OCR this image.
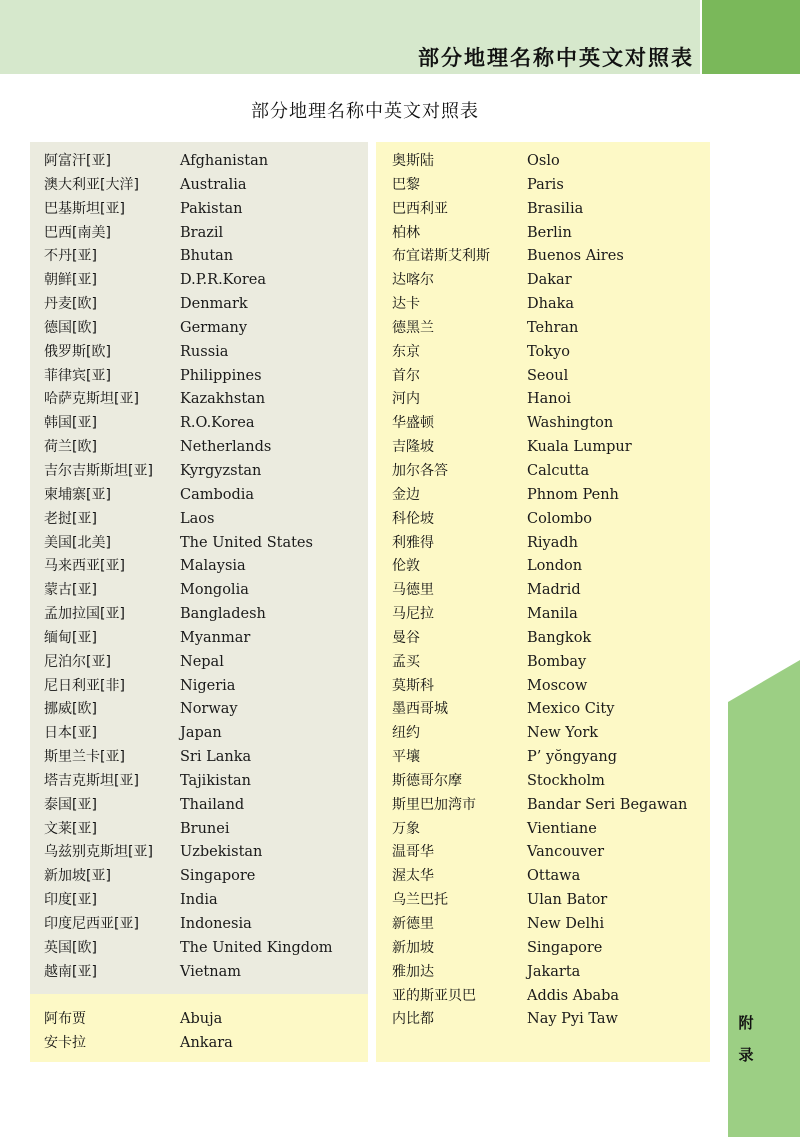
部分地理名称中英文对照表
部分地理名称中英文对照表
阿富汗[亚]	Afghanistan
澳大利亚[大洋]	Australia
巴基斯坦[亚]	Pakistan
巴西[南美]	Brazil
不丹[亚]	Bhutan
朝鲜[亚]	D.P.R.Korea
丹麦[欧]	Denmark
德国[欧]	Germany
俄罗斯[欧]	Russia
菲律宾[亚]	Philippines
哈萨克斯坦[亚]	Kazakhstan
韩国[亚]	R.O.Korea
荷兰[欧]	Netherlands
吉尔吉斯斯坦[亚] Kyrgyzstan
柬埔寨[亚]	Cambodia
老挝[亚]	Laos
美国[北美]	The United States
马来西亚[亚]	Malaysia
蒙古[亚]	Mongolia
孟加拉国[亚]	Bangladesh
缅甸[亚]	Myanmar
尼泊尔[亚]	Nepal
尼日利亚[非]	Nigeria
挪威[欧]	Norway
日本[亚]	Japan
斯里兰卡[亚]	Sri Lanka
塔吉克斯坦[亚]	Tajikistan
泰国[亚]	Thailand
文莱[亚]	Brunei
乌兹别克斯坦[亚] Uzbekistan
新加坡[亚]	Singapore
印度[亚]	India
印度尼西亚[亚]	Indonesia
英国[欧]	The United Kingdom
越南[亚]	Vietnam
阿布贾	Abuja
安卡拉	Ankara
奥斯陆	Oslo
巴黎	Paris
巴西利亚	Brasilia
柏林	Berlin
布宜诺斯艾利斯	Buenos Aires
达喀尔	Dakar
达卡	Dhaka
德黑兰	Tehran
东京	Tokyo
首尔	Seoul
河内	Hanoi
华盛顿	Washington
吉隆坡	Kuala Lumpur
加尔各答	Calcutta
金边	Phnom Penh
科伦坡	Colombo
利雅得	Riyadh
伦敦	London
马德里	Madrid
马尼拉	Manila
曼谷	Bangkok
孟买	Bombay
莫斯科	Moscow
墨西哥城	Mexico City
纽约	New York
平壤	P’ yŏngyang
斯德哥尔摩	Stockholm
斯里巴加湾市	Bandar Seri Begawan
万象	Vientiane
温哥华	Vancouver
渥太华	Ottawa
乌兰巴托	Ulan Bator
新德里	New Delhi
新加坡	Singapore
雅加达	Jakarta
亚的斯亚贝巴	Addis Ababa
内比都	Nay Pyi Taw	附
录
